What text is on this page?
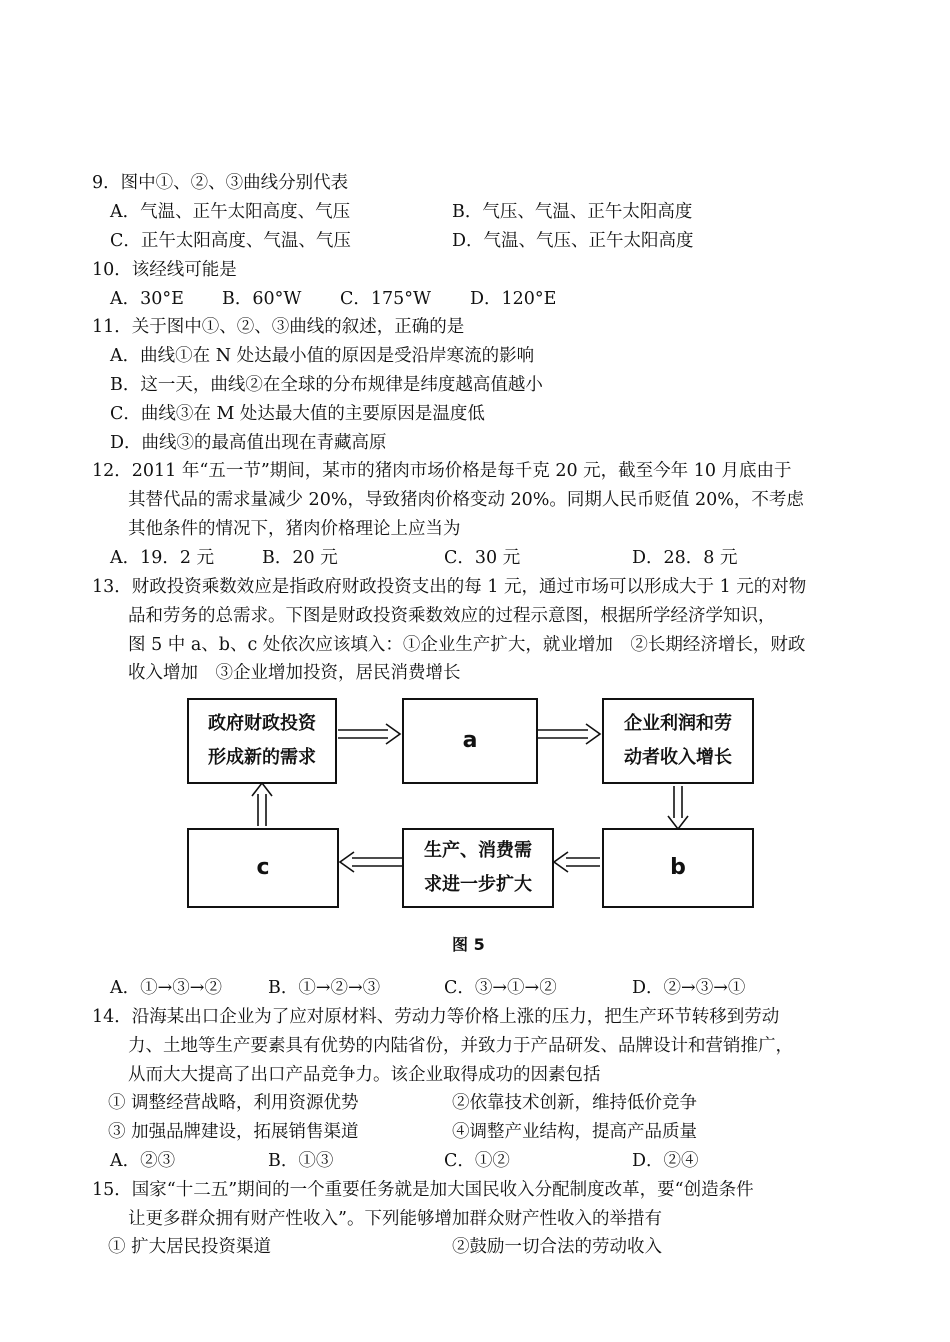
9．图中①、②、③曲线分别代表
A．气温、正午太阳高度、气压	B．气压、气温、正午太阳高度
C．正午太阳高度、气温、气压	D．气温、气压、正午太阳高度
10．该经线可能是
A．30°E B．60°W C．175°W D．120°E
11．关于图中①、②、③曲线的叙述，正确的是
A．曲线①在 N 处达最小值的原因是受沿岸寒流的影响
B．这一天，曲线②在全球的分布规律是纬度越高值越小
C．曲线③在 M 处达最大值的主要原因是温度低
D．曲线③的最高值出现在青藏高原
12．2011 年“五一节”期间，某市的猪肉市场价格是每千克 20 元，截至今年 10 月底由于
其替代品的需求量减少 20%，导致猪肉价格变动 20%。同期人民币贬值 20%，不考虑
其他条件的情况下，猪肉价格理论上应当为
A．19．2 元	B．20 元	C．30 元	D．28．8 元
13．财政投资乘数效应是指政府财政投资支出的每 1 元，通过市场可以形成大于 1 元的对物
品和劳务的总需求。下图是财政投资乘数效应的过程示意图，根据所学经济学知识，
图 5 中 a、b、c 处依次应该填入：①企业生产扩大，就业增加　②长期经济增长，财政
收入增加　③企业增加投资，居民消费增长
政府财政投资
形成新的需求
a
企业利润和劳
动者收入增长
b
生产、消费需
求进一步扩大
c
图 5
A．①→③→②	B．①→②→③	C．③→①→②	D．②→③→①
14．沿海某出口企业为了应对原材料、劳动力等价格上涨的压力，把生产环节转移到劳动
力、土地等生产要素具有优势的内陆省份，并致力于产品研发、品牌设计和营销推广，
从而大大提高了出口产品竞争力。该企业取得成功的因素包括
① 调整经营战略，利用资源优势	②依靠技术创新，维持低价竞争
③ 加强品牌建设，拓展销售渠道	④调整产业结构，提高产品质量
A．②③	B．①③	C．①②	D．②④
15．国家“十二五”期间的一个重要任务就是加大国民收入分配制度改革，要“创造条件
让更多群众拥有财产性收入”。下列能够增加群众财产性收入的举措有
① 扩大居民投资渠道	②鼓励一切合法的劳动收入
